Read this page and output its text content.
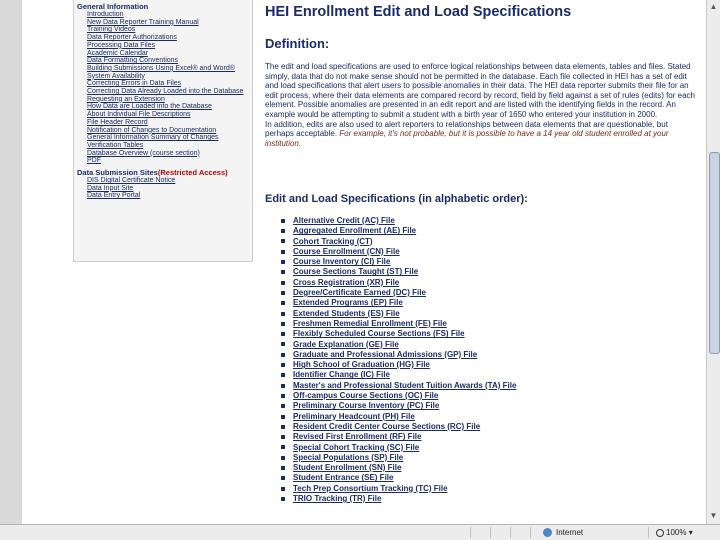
General Information
Introduction
New Data Reporter Training Manual
Training Videos
Data Reporter Authorizations
Processing Data Files
Academic Calendar
Data Formatting Conventions
Building Submissions Using Excel® and Word®
System Availability
Correcting Errors in Data Files
Correcting Data Already Loaded into the Database
Requesting an Extension
How Data are Loaded into the Database
About Individual File Descriptions
File Header Record
Notification of Changes to Documentation
General Information Summary of Changes
Verification Tables
Database Overview (course section)
PDF
Data Submission Sites(Restricted Access)
DIS Digital Certificate Notice
Data Input Site
Data Entry Portal
HEI Enrollment Edit and Load Specifications
Definition:
The edit and load specifications are used to enforce logical relationships between data elements, tables and files. Stated simply, data that do not make sense should not be permitted in the database. Each file collected in HEI has a set of edit and load specifications that alert users to possible anomalies in their data. The HEI data reporter submits their file for an edit process, where their data elements are compared record by record, field by field against a set of rules (edits) for each element. Possible anomalies are presented in an edit report and are listed with the identifying fields in the record. An example would be attempting to submit a student with a birth year of 1650 who entered your institution in 2000.
In addition, edits are also used to alert reporters to relationships between data elements that are questionable, but perhaps acceptable. For example, it's not probable, but it is possible to have a 14 year old student enrolled at your institution.
Edit and Load Specifications (in alphabetic order):
Alternative Credit (AC) File
Aggregated Enrollment (AE) File
Cohort Tracking (CT)
Course Enrollment (CN) File
Course Inventory (CI) File
Course Sections Taught (ST) File
Cross Registration (XR) File
Degree/Certificate Earned (DC) File
Extended Programs (EP) File
Extended Students (ES) File
Freshmen Remedial Enrollment (FE) File
Flexibly Scheduled Course Sections (FS) File
Grade Explanation (GE) File
Graduate and Professional Admissions (GP) File
High School of Graduation (HG) File
Identifier Change (IC) File
Master's and Professional Student Tuition Awards (TA) File
Off-campus Course Sections (OC) File
Preliminary Course Inventory (PC) File
Preliminary Headcount (PH) File
Resident Credit Center Course Sections (RC) File
Revised First Enrollment (RF) File
Special Cohort Tracking (SC) File
Special Populations (SP) File
Student Enrollment (SN) File
Student Entrance (SE) File
Tech Prep Consortium Tracking (TC) File
TRIO Tracking (TR) File
▲
▼
Internet	100% ▾
